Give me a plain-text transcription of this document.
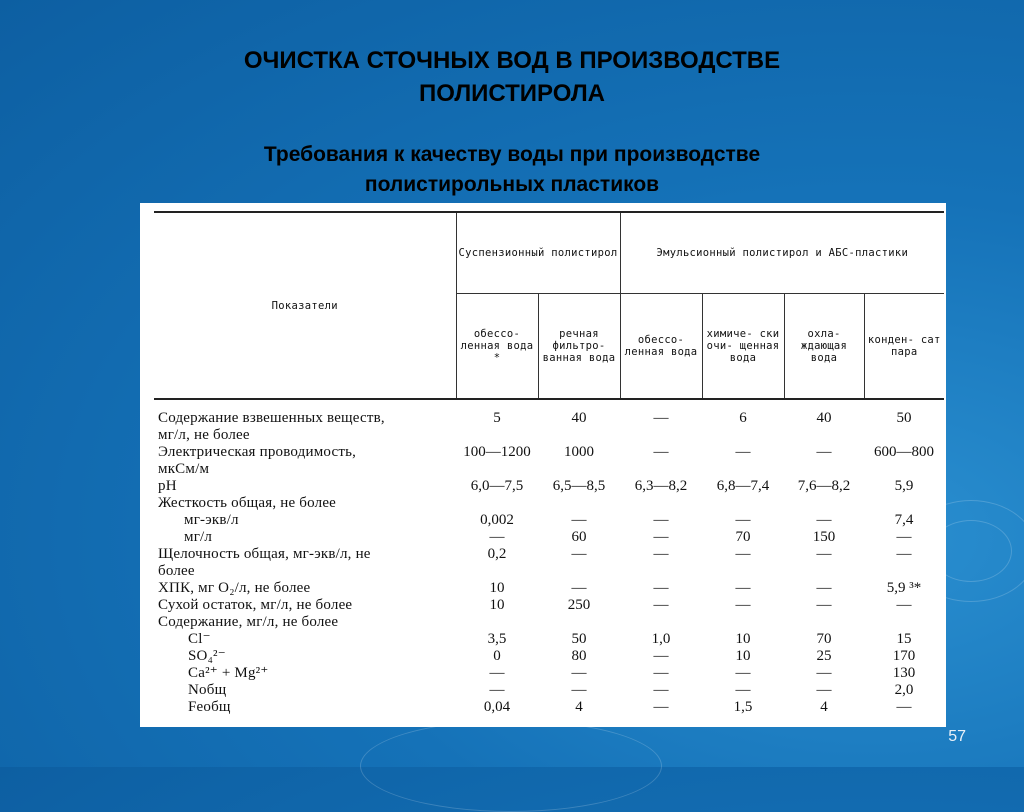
ОЧИСТКА СТОЧНЫХ ВОД В ПРОИЗВОДСТВЕ
ПОЛИСТИРОЛА
Требования к качеству воды при производстве
полистирольных пластиков
Показатели	Суспензионный полистирол		Эмульсионный полистирол и АБС-пластики			
	обессо- ленная вода *	речная фильтро- ванная вода	обессо- ленная вода	химиче- ски очи- щенная вода	охла- ждающая вода	конден- сат пара
Содержание взвешенных веществ,	5	40	—	6	40	50
мг/л, не более						
Электрическая проводимость,	100—1200	1000	—	—	—	600—800
мкСм/м						
pH	6,0—7,5	6,5—8,5	6,3—8,2	6,8—7,4	7,6—8,2	5,9
Жесткость общая, не более						
мг-экв/л	0,002	—	—	—	—	7,4
мг/л	—	60	—	70	150	—
Щелочность общая, мг-экв/л, не	0,2	—	—	—	—	—
более						
ХПК, мг O₂/л, не более	10	—	—	—	—	5,9 ³*
Сухой остаток, мг/л, не более	10	250	—	—	—	—
Содержание, мг/л, не более						
Cl⁻	3,5	50	1,0	10	70	15
SO₄²⁻	0	80	—	10	25	170
Ca²⁺ + Mg²⁺	—	—	—	—	—	130
Nобщ	—	—	—	—	—	2,0
Feобщ	0,04	4	—	1,5	4	—
57
